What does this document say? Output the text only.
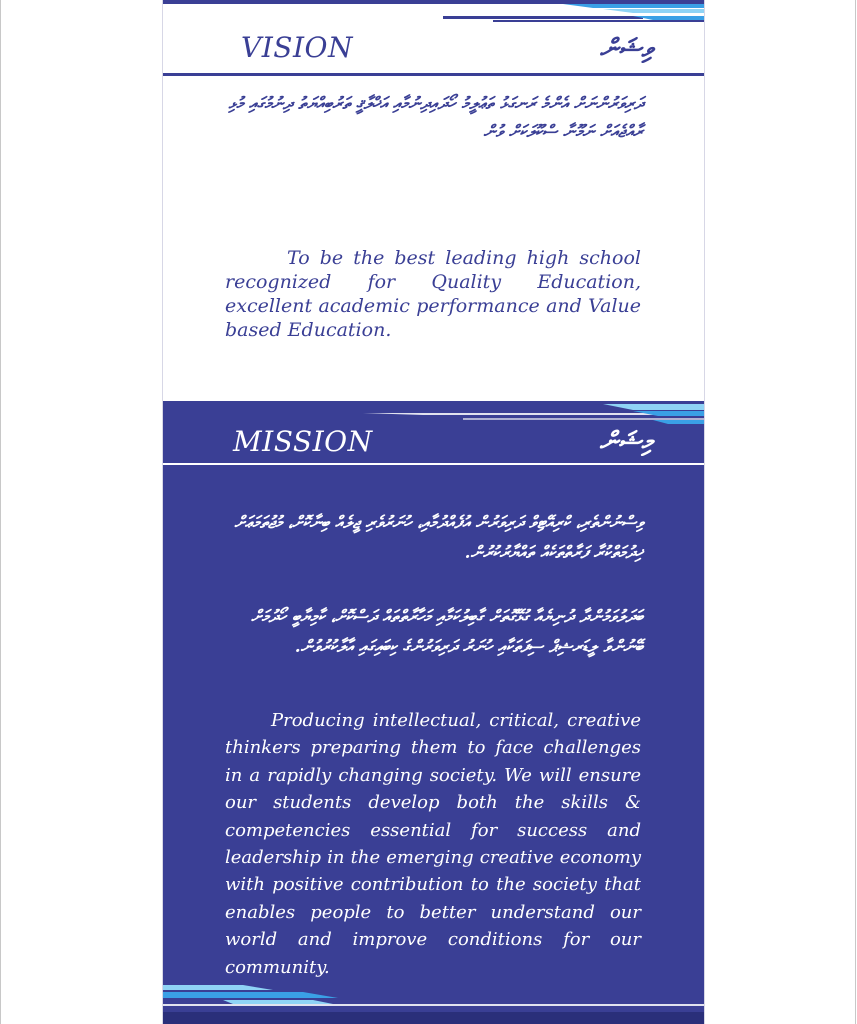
VISION	ވިޝަން
ދަރިވަރުންނަށް އެންމެ ރަނގަޅު ތަޢުލީމު ހޯދައިދިނުމާއި އަޚްލާޤީ ތަރުބިއްޔަތު ދިނުމުގައި މުޅި ރާއްޖެއަށް ނަމޫނާ ސްކޫލަކަށް ވުން

To be the best leading high school recognized for Quality Education, excellent academic performance and Value based Education.

MISSION	މިޝަން
ވިސްނުންތެރި، ކްރިއޭޓިވް ދަރިވަރުން އުފެއްދުމާއި، ހުނަރުވެރި ޖީލެއް ބިނާކޮށް، މުޖުތަމަޢަށް ޚިދުމަތްކުރާ ފަރާތްތަކެއް ތައްޔާރުކުރުން.
ބަދަލުވަމުންދާ ދުނިޔެއާ ގުޅޭގޮތަށް ގާބިލުކަމާއި މަހާރާތްތައް ދަސްކޮށް، ކާމިޔާބީ ހޯދުމަށް ބޭނުންވާ ލީޑަރޝިޕް ސިފަތަކާއި ހުނަރު ދަރިވަރުންގެ ކިބައިގައި އާލާކުރުވުން.

Producing intellectual, critical, creative thinkers preparing them to face challenges in a rapidly changing society. We will ensure our students develop both the skills & competencies essential for success and leadership in the emerging creative economy with positive contribution to the society that enables people to better understand our world and improve conditions for our community.
